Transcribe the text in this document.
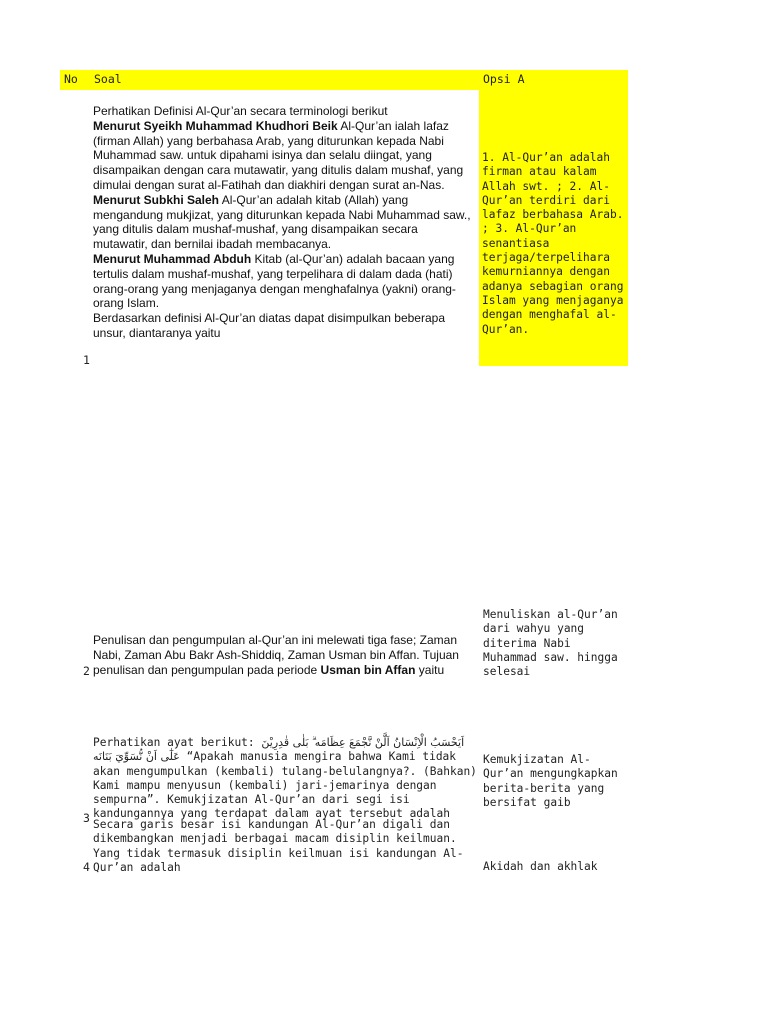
No Soal	Opsi A

Perhatikan Definisi Al-Qur’an secara terminologi berikut

Menurut Syeikh Muhammad Khudhori Beik Al-Qur’an ialah lafaz (firman Allah) yang berbahasa Arab, yang diturunkan kepada Nabi Muhammad saw. untuk dipahami isinya dan selalu diingat, yang disampaikan dengan cara mutawatir, yang ditulis dalam mushaf, yang dimulai dengan surat al-Fatihah dan diakhiri dengan surat an-Nas.

Menurut Subkhi Saleh Al-Qur’an adalah kitab (Allah) yang mengandung mukjizat, yang diturunkan kepada Nabi Muhammad saw., yang ditulis dalam mushaf-mushaf, yang disampaikan secara mutawatir, dan bernilai ibadah membacanya.

Menurut Muhammad Abduh Kitab (al-Qur’an) adalah bacaan yang tertulis dalam mushaf-mushaf, yang terpelihara di dalam dada (hati) orang-orang yang menjaganya dengan menghafalnya (yakni) orang-orang Islam.

Berdasarkan definisi Al-Qur’an diatas dapat disimpulkan beberapa unsur, diantaranya yaitu

1. Al-Qur’an adalah firman atau kalam Allah swt. ; 2. Al-Qur’an terdiri dari lafaz berbahasa Arab. ; 3. Al-Qur’an senantiasa terjaga/terpelihara kemurniannya dengan adanya sebagian orang Islam yang menjaganya dengan menghafal al-Qur’an.
1
Penulisan dan pengumpulan al-Qur’an ini melewati tiga fase; Zaman Nabi, Zaman Abu Bakr Ash-Shiddiq, Zaman Usman bin Affan. Tujuan penulisan dan pengumpulan pada periode Usman bin Affan yaitu
2
Menuliskan al-Qur’an dari wahyu yang diterima Nabi Muhammad saw. hingga selesai
Perhatikan ayat berikut: اَيَحْسَبُ الْاِنْسَانُ اَلَّنْ نَّجْمَعَ عِظَامَه ۗ بَلٰى قٰدِرِيْنَ عَلٰٓى اَنْ نُّسَوِّيَ بَنَانَه “Apakah manusia mengira bahwa Kami tidak akan mengumpulkan (kembali) tulang-belulangnya?. (Bahkan) Kami mampu menyusun (kembali) jari-jemarinya dengan sempurna”. Kemukjizatan Al-Qur’an dari segi isi kandungannya yang terdapat dalam ayat tersebut adalah
3
Kemukjizatan Al-Qur’an mengungkapkan berita-berita yang bersifat gaib
Secara garis besar isi kandungan Al-Qur’an digali dan dikembangkan menjadi berbagai macam disiplin keilmuan. Yang tidak termasuk disiplin keilmuan isi kandungan Al-Qur’an adalah
4	Akidah dan akhlak
